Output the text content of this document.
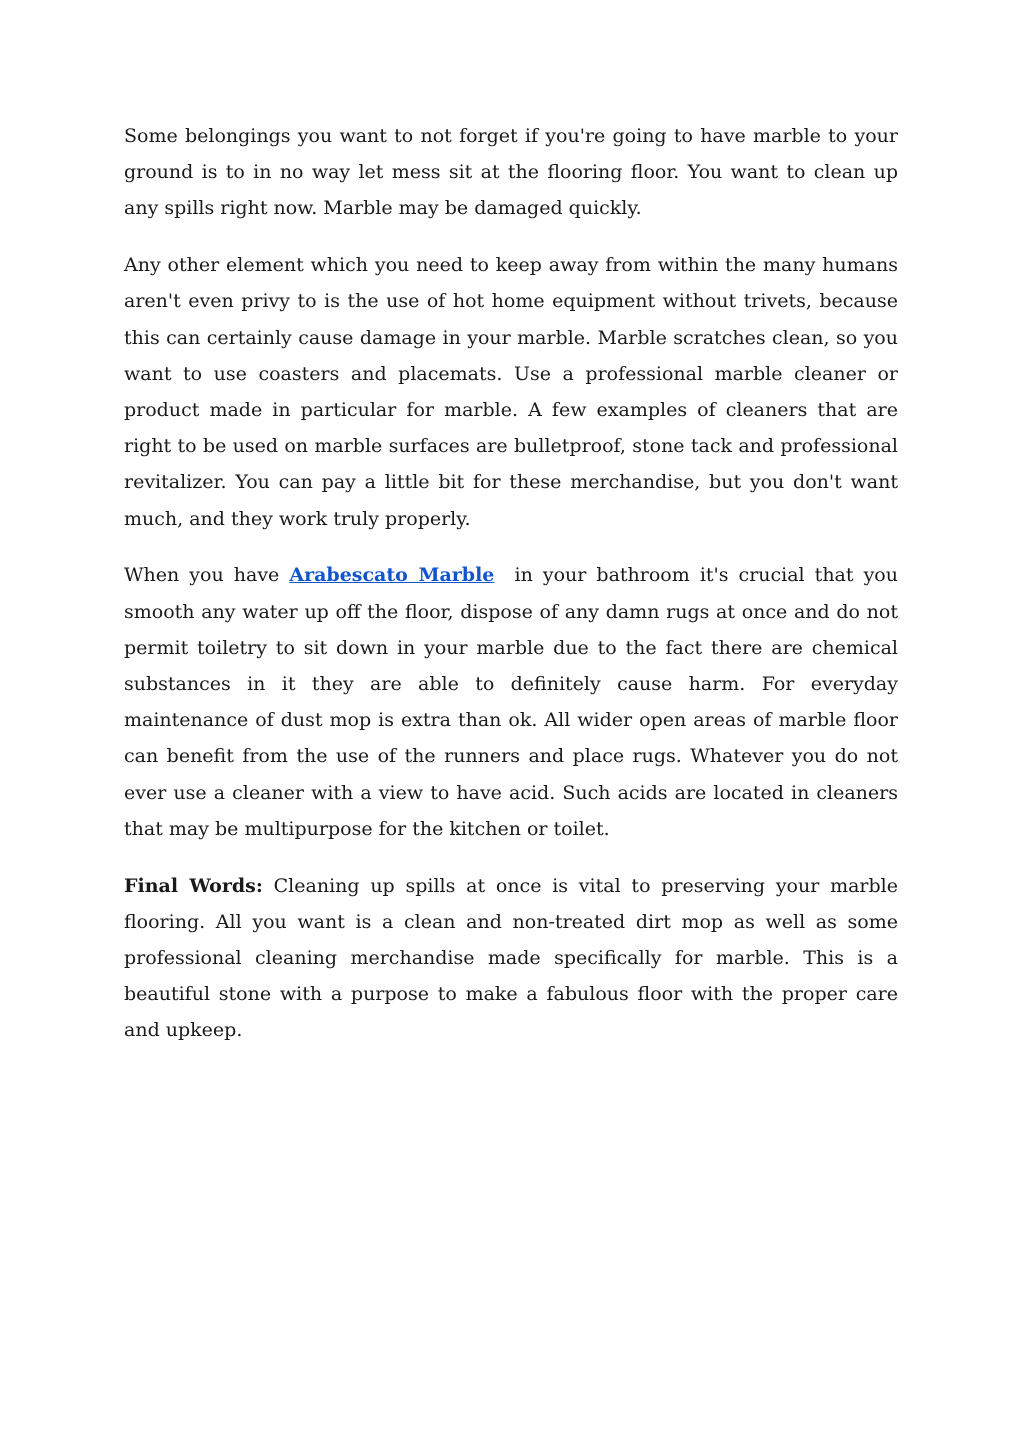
Some belongings you want to not forget if you're going to have marble to your ground is to in no way let mess sit at the flooring floor. You want to clean up any spills right now. Marble may be damaged quickly.

Any other element which you need to keep away from within the many humans aren't even privy to is the use of hot home equipment without trivets, because this can certainly cause damage in your marble. Marble scratches clean, so you want to use coasters and placemats. Use a professional marble cleaner or product made in particular for marble. A few examples of cleaners that are right to be used on marble surfaces are bulletproof, stone tack and professional revitalizer. You can pay a little bit for these merchandise, but you don't want much, and they work truly properly.

When you have Arabescato Marble  in your bathroom it's crucial that you smooth any water up off the floor, dispose of any damn rugs at once and do not permit toiletry to sit down in your marble due to the fact there are chemical substances in it they are able to definitely cause harm. For everyday maintenance of dust mop is extra than ok. All wider open areas of marble floor can benefit from the use of the runners and place rugs. Whatever you do not ever use a cleaner with a view to have acid. Such acids are located in cleaners that may be multipurpose for the kitchen or toilet.

Final Words: Cleaning up spills at once is vital to preserving your marble flooring. All you want is a clean and non-treated dirt mop as well as some professional cleaning merchandise made specifically for marble. This is a beautiful stone with a purpose to make a fabulous floor with the proper care and upkeep.
